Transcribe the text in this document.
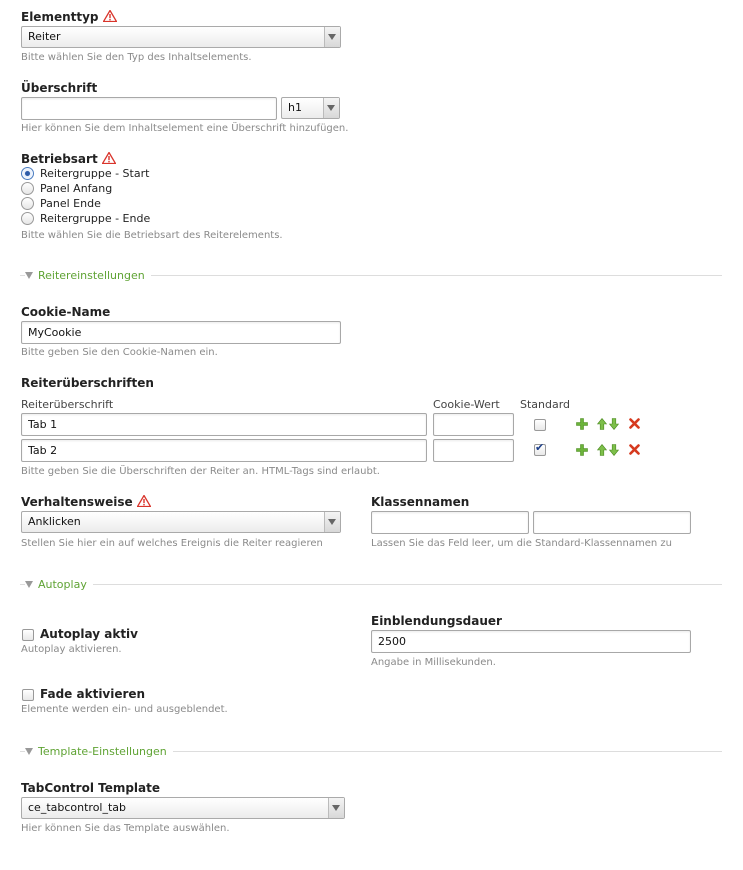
Elementtyp
Reiter
Bitte wählen Sie den Typ des Inhaltselements.
Überschrift
h1
Hier können Sie dem Inhaltselement eine Überschrift hinzufügen.
Betriebsart
Reitergruppe - Start
Panel Anfang
Panel Ende
Reitergruppe - Ende
Bitte wählen Sie die Betriebsart des Reiterelements.
Reitereinstellungen
Cookie-Name
MyCookie
Bitte geben Sie den Cookie-Namen ein.
Reiterüberschriften
Reiterüberschrift	Cookie-Wert Standard
Tab 1
Tab 2
✔
Bitte geben Sie die Überschriften der Reiter an. HTML-Tags sind erlaubt.
Verhaltensweise
Anklicken
Stellen Sie hier ein auf welches Ereignis die Reiter reagieren
Klassennamen
Lassen Sie das Feld leer, um die Standard-Klassennamen zu
Autoplay
Autoplay aktiv
Autoplay aktivieren.
Einblendungsdauer
2500
Angabe in Millisekunden.
Fade aktivieren
Elemente werden ein- und ausgeblendet.
Template-Einstellungen
TabControl Template
ce_tabcontrol_tab
Hier können Sie das Template auswählen.
